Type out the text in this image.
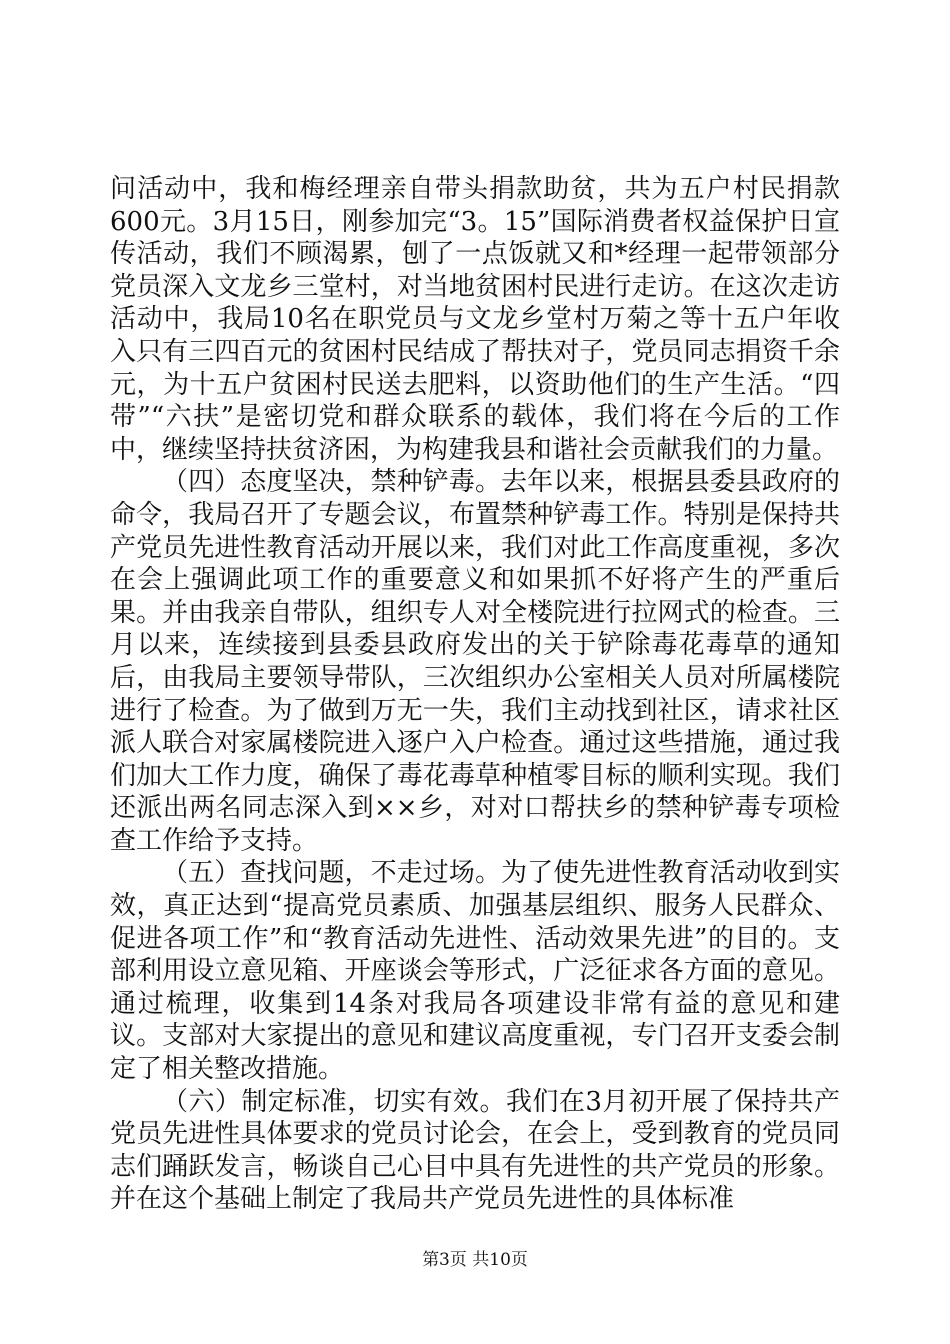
问活动中，我和梅经理亲自带头捐款助贫，共为五户村民捐款600元。3月15日，刚参加完“3。15”国际消费者权益保护日宣传活动，我们不顾渴累，刨了一点饭就又和*经理一起带领部分党员深入文龙乡三堂村，对当地贫困村民进行走访。在这次走访活动中，我局10名在职党员与文龙乡堂村万菊之等十五户年收入只有三四百元的贫困村民结成了帮扶对子，党员同志捐资千余元，为十五户贫困村民送去肥料，以资助他们的生产生活。“四带”“六扶”是密切党和群众联系的载体，我们将在今后的工作中，继续坚持扶贫济困，为构建我县和谐社会贡献我们的力量。

（四）态度坚决，禁种铲毒。去年以来，根据县委县政府的命令，我局召开了专题会议，布置禁种铲毒工作。特别是保持共产党员先进性教育活动开展以来，我们对此工作高度重视，多次在会上强调此项工作的重要意义和如果抓不好将产生的严重后果。并由我亲自带队，组织专人对全楼院进行拉网式的检查。三月以来，连续接到县委县政府发出的关于铲除毒花毒草的通知后，由我局主要领导带队，三次组织办公室相关人员对所属楼院进行了检查。为了做到万无一失，我们主动找到社区，请求社区派人联合对家属楼院进入逐户入户检查。通过这些措施，通过我们加大工作力度，确保了毒花毒草种植零目标的顺利实现。我们还派出两名同志深入到××乡，对对口帮扶乡的禁种铲毒专项检查工作给予支持。

（五）查找问题，不走过场。为了使先进性教育活动收到实效，真正达到“提高党员素质、加强基层组织、服务人民群众、促进各项工作”和“教育活动先进性、活动效果先进”的目的。支部利用设立意见箱、开座谈会等形式，广泛征求各方面的意见。通过梳理，收集到14条对我局各项建设非常有益的意见和建议。支部对大家提出的意见和建议高度重视，专门召开支委会制定了相关整改措施。

（六）制定标准，切实有效。我们在3月初开展了保持共产党员先进性具体要求的党员讨论会，在会上，受到教育的党员同志们踊跃发言，畅谈自己心目中具有先进性的共产党员的形象。并在这个基础上制定了我局共产党员先进性的具体标准

第3页 共10页
